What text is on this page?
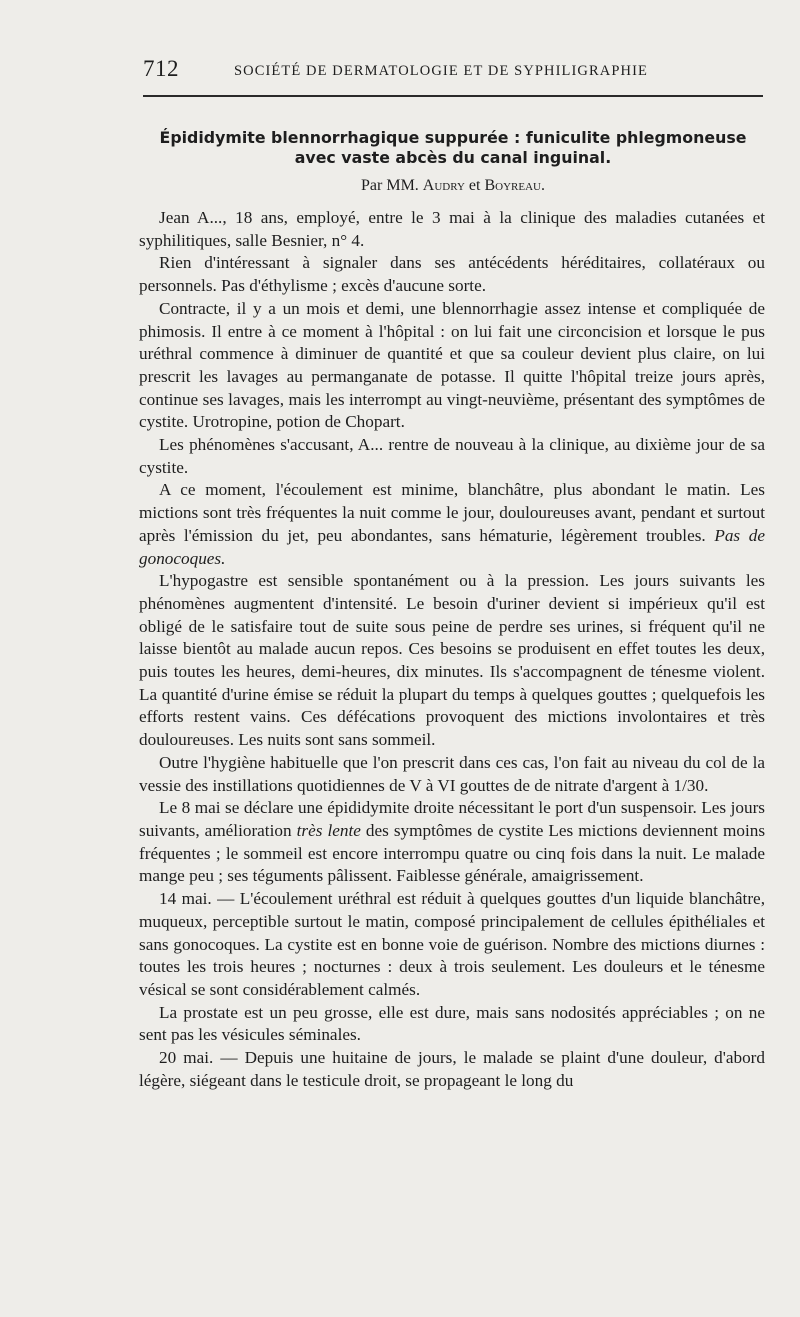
712	SOCIÉTÉ DE DERMATOLOGIE ET DE SYPHILIGRAPHIE
Épididymite blennorrhagique suppurée : funiculite phlegmoneuse
avec vaste abcès du canal inguinal.
Par MM. Audry et Boyreau.

Jean A..., 18 ans, employé, entre le 3 mai à la clinique des maladies cutanées et syphilitiques, salle Besnier, n° 4.

Rien d'intéressant à signaler dans ses antécédents héréditaires, collatéraux ou personnels. Pas d'éthylisme ; excès d'aucune sorte.

Contracte, il y a un mois et demi, une blennorrhagie assez intense et compliquée de phimosis. Il entre à ce moment à l'hôpital : on lui fait une circoncision et lorsque le pus uréthral commence à diminuer de quantité et que sa couleur devient plus claire, on lui prescrit les lavages au permanganate de potasse. Il quitte l'hôpital treize jours après, continue ses lavages, mais les interrompt au vingt-neuvième, présentant des symptômes de cystite. Urotropine, potion de Chopart.

Les phénomènes s'accusant, A... rentre de nouveau à la clinique, au dixième jour de sa cystite.

A ce moment, l'écoulement est minime, blanchâtre, plus abondant le matin. Les mictions sont très fréquentes la nuit comme le jour, douloureuses avant, pendant et surtout après l'émission du jet, peu abondantes, sans hématurie, légèrement troubles. Pas de gonocoques.

L'hypogastre est sensible spontanément ou à la pression. Les jours suivants les phénomènes augmentent d'intensité. Le besoin d'uriner devient si impérieux qu'il est obligé de le satisfaire tout de suite sous peine de perdre ses urines, si fréquent qu'il ne laisse bientôt au malade aucun repos. Ces besoins se produisent en effet toutes les deux, puis toutes les heures, demi-heures, dix minutes. Ils s'accompagnent de ténesme violent. La quantité d'urine émise se réduit la plupart du temps à quelques gouttes ; quelquefois les efforts restent vains. Ces défécations provoquent des mictions involontaires et très douloureuses. Les nuits sont sans sommeil.

Outre l'hygiène habituelle que l'on prescrit dans ces cas, l'on fait au niveau du col de la vessie des instillations quotidiennes de V à VI gouttes de de nitrate d'argent à 1/30.

Le 8 mai se déclare une épididymite droite nécessitant le port d'un suspensoir. Les jours suivants, amélioration très lente des symptômes de cystite Les mictions deviennent moins fréquentes ; le sommeil est encore interrompu quatre ou cinq fois dans la nuit. Le malade mange peu ; ses téguments pâlissent. Faiblesse générale, amaigrissement.

14 mai. — L'écoulement uréthral est réduit à quelques gouttes d'un liquide blanchâtre, muqueux, perceptible surtout le matin, composé principalement de cellules épithéliales et sans gonocoques. La cystite est en bonne voie de guérison. Nombre des mictions diurnes : toutes les trois heures ; nocturnes : deux à trois seulement. Les douleurs et le ténesme vésical se sont considérablement calmés.

La prostate est un peu grosse, elle est dure, mais sans nodosités appréciables ; on ne sent pas les vésicules séminales.

20 mai. — Depuis une huitaine de jours, le malade se plaint d'une douleur, d'abord légère, siégeant dans le testicule droit, se propageant le long du
